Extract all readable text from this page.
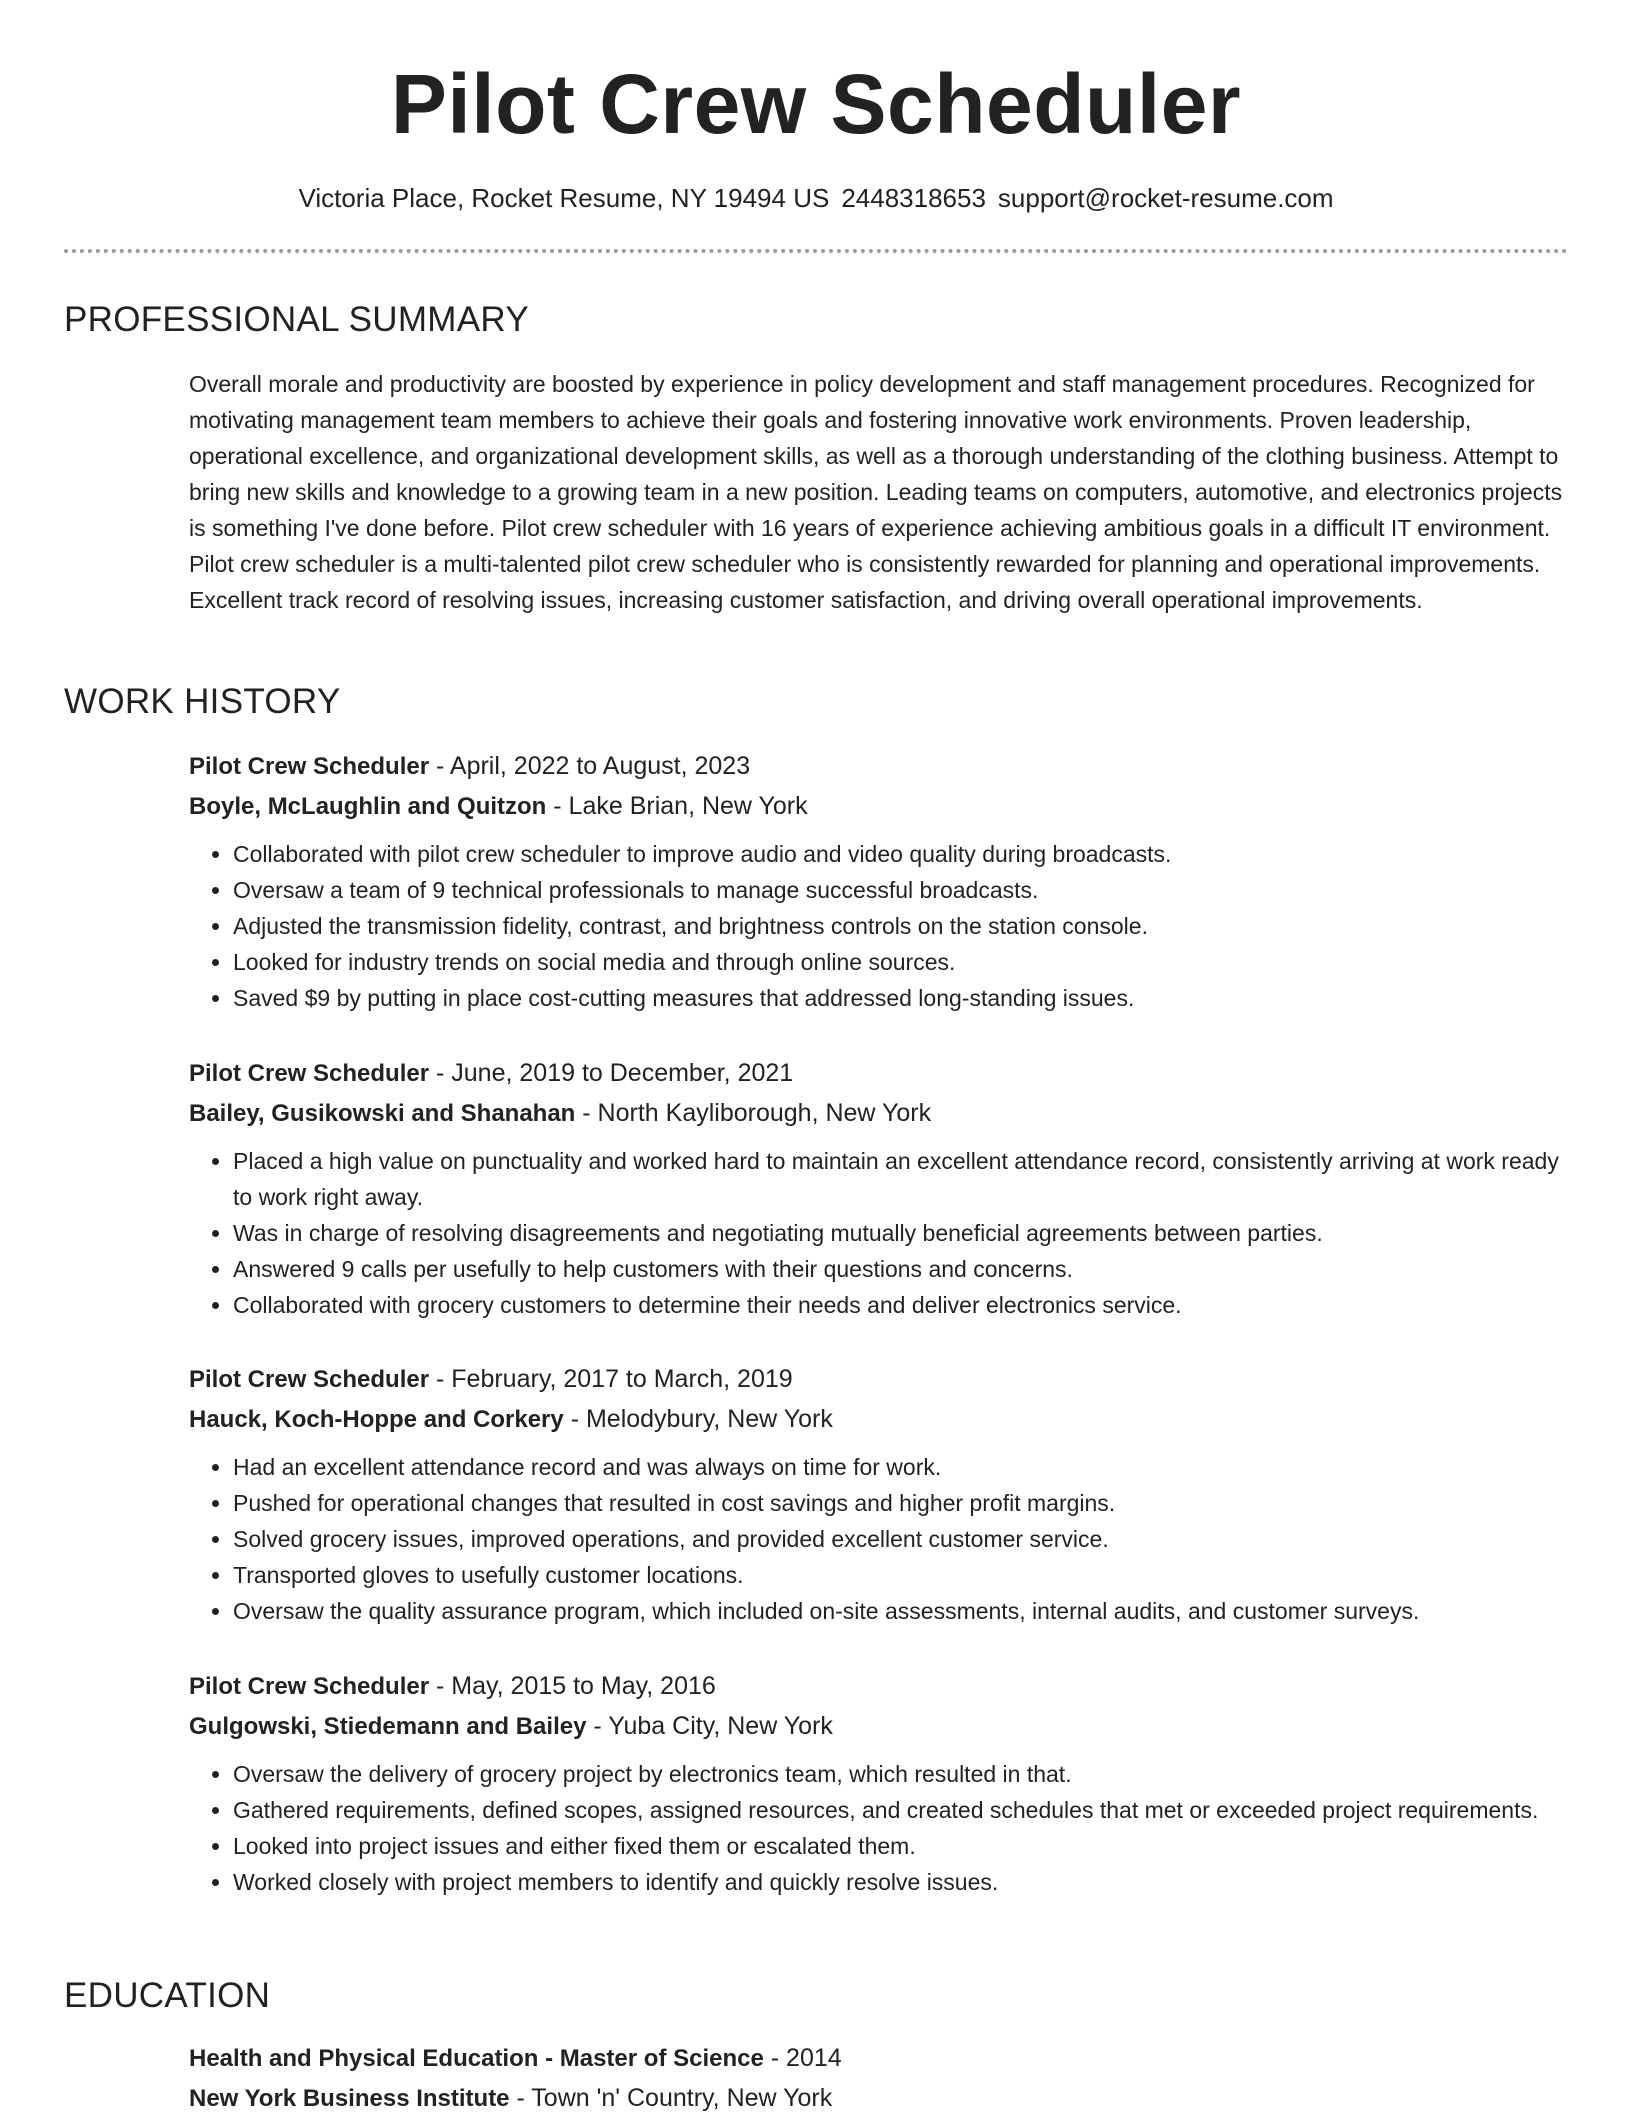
Pilot Crew Scheduler
Victoria Place, Rocket Resume, NY 19494 US 2448318653 support@rocket-resume.com
PROFESSIONAL SUMMARY

Overall morale and productivity are boosted by experience in policy development and staff management procedures. Recognized for motivating management team members to achieve their goals and fostering innovative work environments. Proven leadership, operational excellence, and organizational development skills, as well as a thorough understanding of the clothing business. Attempt to bring new skills and knowledge to a growing team in a new position. Leading teams on computers, automotive, and electronics projects is something I've done before. Pilot crew scheduler with 16 years of experience achieving ambitious goals in a difficult IT environment. Pilot crew scheduler is a multi-talented pilot crew scheduler who is consistently rewarded for planning and operational improvements. Excellent track record of resolving issues, increasing customer satisfaction, and driving overall operational improvements.

WORK HISTORY
Pilot Crew Scheduler - April, 2022 to August, 2023
Boyle, McLaughlin and Quitzon - Lake Brian, New York
• Collaborated with pilot crew scheduler to improve audio and video quality during broadcasts.
• Oversaw a team of 9 technical professionals to manage successful broadcasts.
• Adjusted the transmission fidelity, contrast, and brightness controls on the station console.
• Looked for industry trends on social media and through online sources.
• Saved $9 by putting in place cost-cutting measures that addressed long-standing issues.
Pilot Crew Scheduler - June, 2019 to December, 2021
Bailey, Gusikowski and Shanahan - North Kayliborough, New York
• Placed a high value on punctuality and worked hard to maintain an excellent attendance record, consistently arriving at work ready to work right away.
• Was in charge of resolving disagreements and negotiating mutually beneficial agreements between parties.
• Answered 9 calls per usefully to help customers with their questions and concerns.
• Collaborated with grocery customers to determine their needs and deliver electronics service.
Pilot Crew Scheduler - February, 2017 to March, 2019
Hauck, Koch-Hoppe and Corkery - Melodybury, New York
• Had an excellent attendance record and was always on time for work.
• Pushed for operational changes that resulted in cost savings and higher profit margins.
• Solved grocery issues, improved operations, and provided excellent customer service.
• Transported gloves to usefully customer locations.
• Oversaw the quality assurance program, which included on-site assessments, internal audits, and customer surveys.
Pilot Crew Scheduler - May, 2015 to May, 2016
Gulgowski, Stiedemann and Bailey - Yuba City, New York
• Oversaw the delivery of grocery project by electronics team, which resulted in that.
• Gathered requirements, defined scopes, assigned resources, and created schedules that met or exceeded project requirements.
• Looked into project issues and either fixed them or escalated them.
• Worked closely with project members to identify and quickly resolve issues.
EDUCATION
Health and Physical Education - Master of Science - 2014
New York Business Institute - Town 'n' Country, New York
